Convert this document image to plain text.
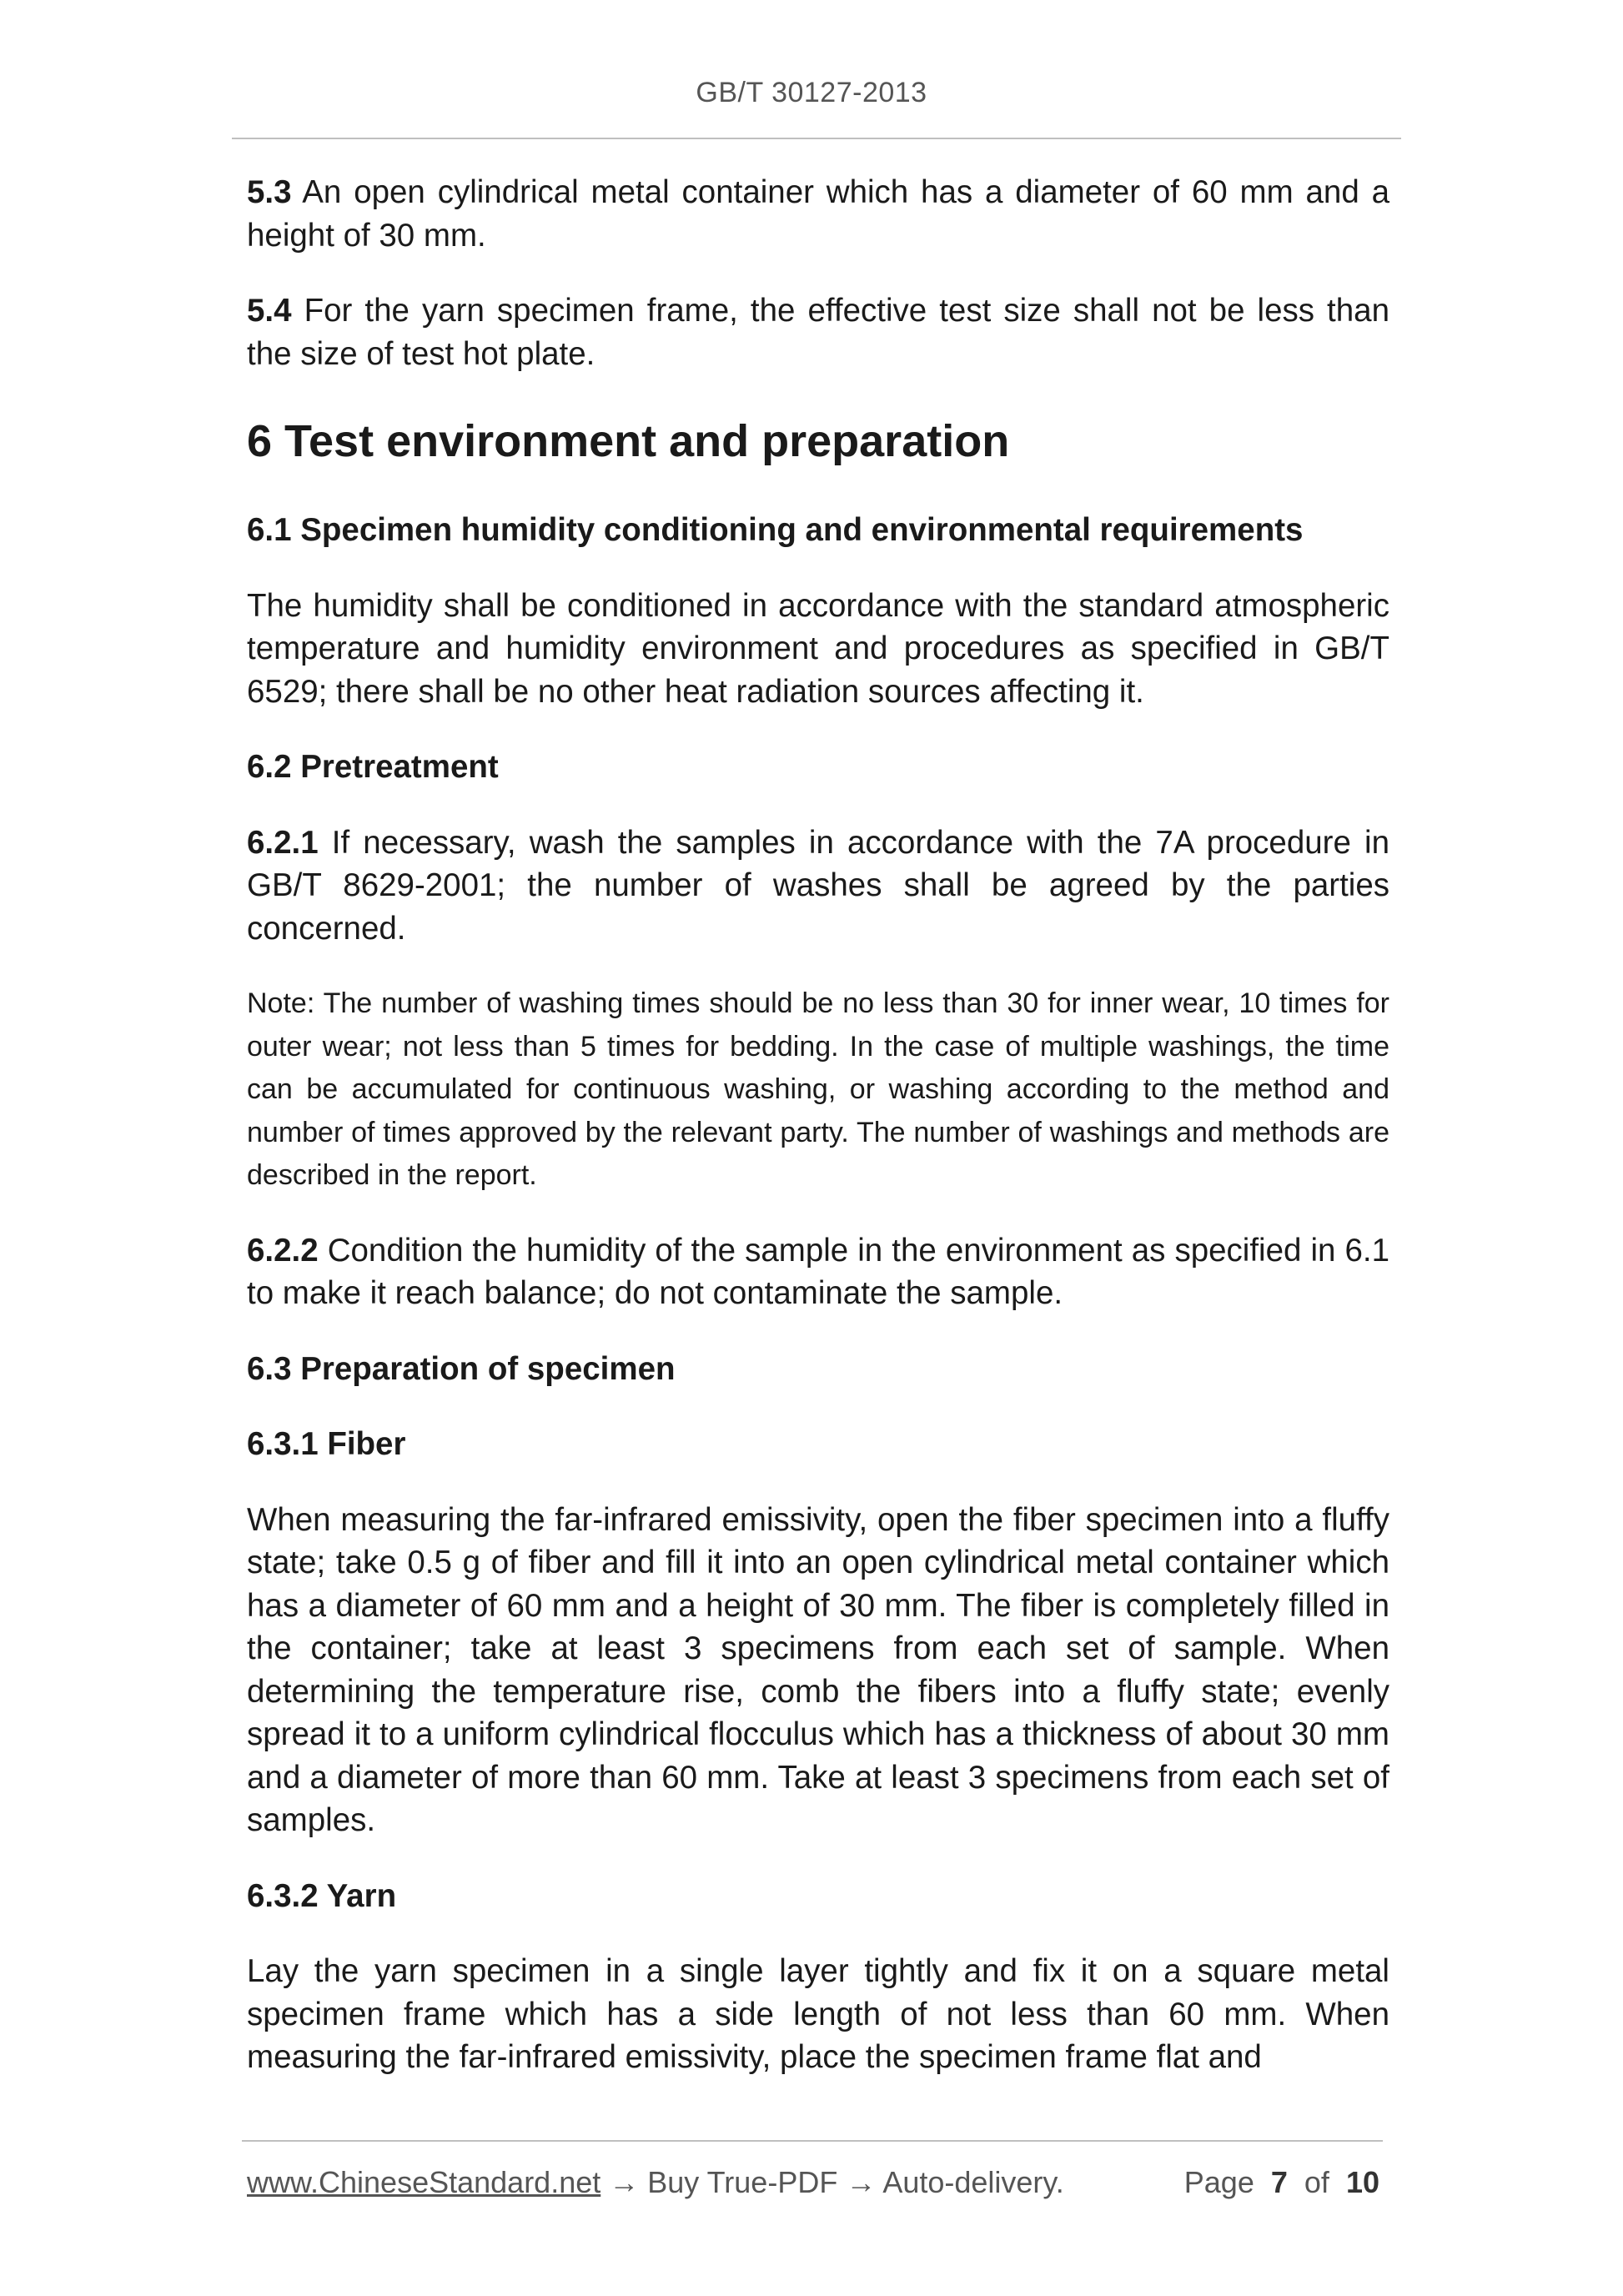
GB/T 30127-2013

5.3 An open cylindrical metal container which has a diameter of 60 mm and a height of 30 mm.

5.4 For the yarn specimen frame, the effective test size shall not be less than the size of test hot plate.

6 Test environment and preparation

6.1 Specimen humidity conditioning and environmental requirements

The humidity shall be conditioned in accordance with the standard atmospheric temperature and humidity environment and procedures as specified in GB/T 6529; there shall be no other heat radiation sources affecting it.

6.2 Pretreatment

6.2.1 If necessary, wash the samples in accordance with the 7A procedure in GB/T 8629-2001; the number of washes shall be agreed by the parties concerned.

Note: The number of washing times should be no less than 30 for inner wear, 10 times for outer wear; not less than 5 times for bedding. In the case of multiple washings, the time can be accumulated for continuous washing, or washing according to the method and number of times approved by the relevant party. The number of washings and methods are described in the report.

6.2.2 Condition the humidity of the sample in the environment as specified in 6.1 to make it reach balance; do not contaminate the sample.

6.3 Preparation of specimen

6.3.1 Fiber

When measuring the far-infrared emissivity, open the fiber specimen into a fluffy state; take 0.5 g of fiber and fill it into an open cylindrical metal container which has a diameter of 60 mm and a height of 30 mm. The fiber is completely filled in the container; take at least 3 specimens from each set of sample. When determining the temperature rise, comb the fibers into a fluffy state; evenly spread it to a uniform cylindrical flocculus which has a thickness of about 30 mm and a diameter of more than 60 mm. Take at least 3 specimens from each set of samples.

6.3.2 Yarn

Lay the yarn specimen in a single layer tightly and fix it on a square metal specimen frame which has a side length of not less than 60 mm. When measuring the far-infrared emissivity, place the specimen frame flat and

www.ChineseStandard.net → Buy True-PDF → Auto-delivery.	Page 7 of 10
